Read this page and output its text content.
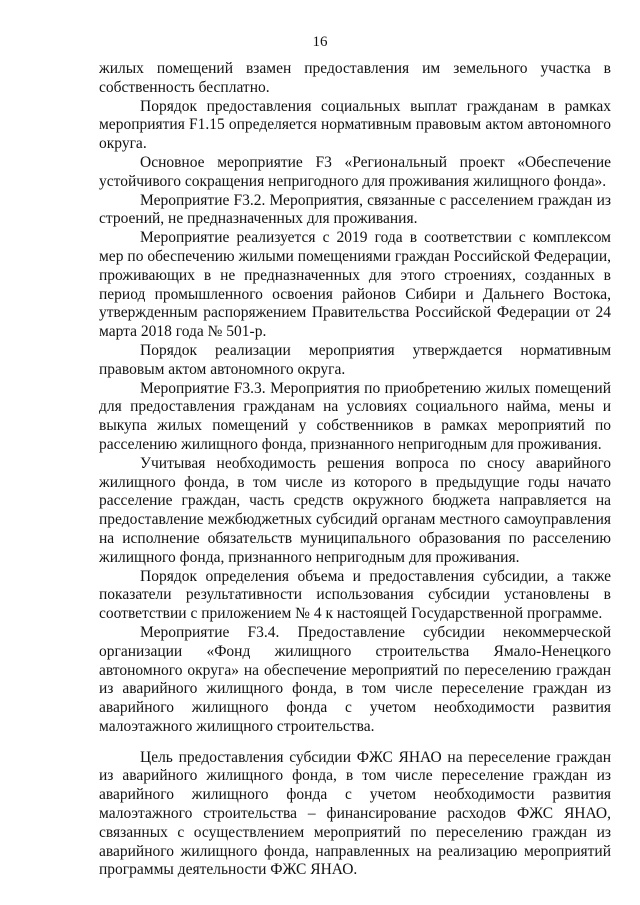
16

жилых помещений взамен предоставления им земельного участка в собственность бесплатно.

Порядок предоставления социальных выплат гражданам в рамках мероприятия F1.15 определяется нормативным правовым актом автономного округа.

Основное мероприятие F3 «Региональный проект «Обеспечение устойчивого сокращения непригодного для проживания жилищного фонда».

Мероприятие F3.2. Мероприятия, связанные с расселением граждан из строений, не предназначенных для проживания.

Мероприятие реализуется с 2019 года в соответствии с комплексом мер по обеспечению жилыми помещениями граждан Российской Федерации, проживающих в не предназначенных для этого строениях, созданных в период промышленного освоения районов Сибири и Дальнего Востока, утвержденным распоряжением Правительства Российской Федерации от 24 марта 2018 года № 501-р.

Порядок реализации мероприятия утверждается нормативным правовым актом автономного округа.

Мероприятие F3.3. Мероприятия по приобретению жилых помещений для предоставления гражданам на условиях социального найма, мены и выкупа жилых помещений у собственников в рамках мероприятий по расселению жилищного фонда, признанного непригодным для проживания.

Учитывая необходимость решения вопроса по сносу аварийного жилищного фонда, в том числе из которого в предыдущие годы начато расселение граждан, часть средств окружного бюджета направляется на предоставление межбюджетных субсидий органам местного самоуправления на исполнение обязательств муниципального образования по расселению жилищного фонда, признанного непригодным для проживания.

Порядок определения объема и предоставления субсидии, а также показатели результативности использования субсидии установлены в соответствии с приложением № 4 к настоящей Государственной программе.

Мероприятие F3.4. Предоставление субсидии некоммерческой организации «Фонд жилищного строительства Ямало-Ненецкого автономного округа» на обеспечение мероприятий по переселению граждан из аварийного жилищного фонда, в том числе переселение граждан из аварийного жилищного фонда с учетом необходимости развития малоэтажного жилищного строительства.

Цель предоставления субсидии ФЖС ЯНАО на переселение граждан из аварийного жилищного фонда, в том числе переселение граждан из аварийного жилищного фонда с учетом необходимости развития малоэтажного строительства – финансирование расходов ФЖС ЯНАО, связанных с осуществлением мероприятий по переселению граждан из аварийного жилищного фонда, направленных на реализацию мероприятий программы деятельности ФЖС ЯНАО.
